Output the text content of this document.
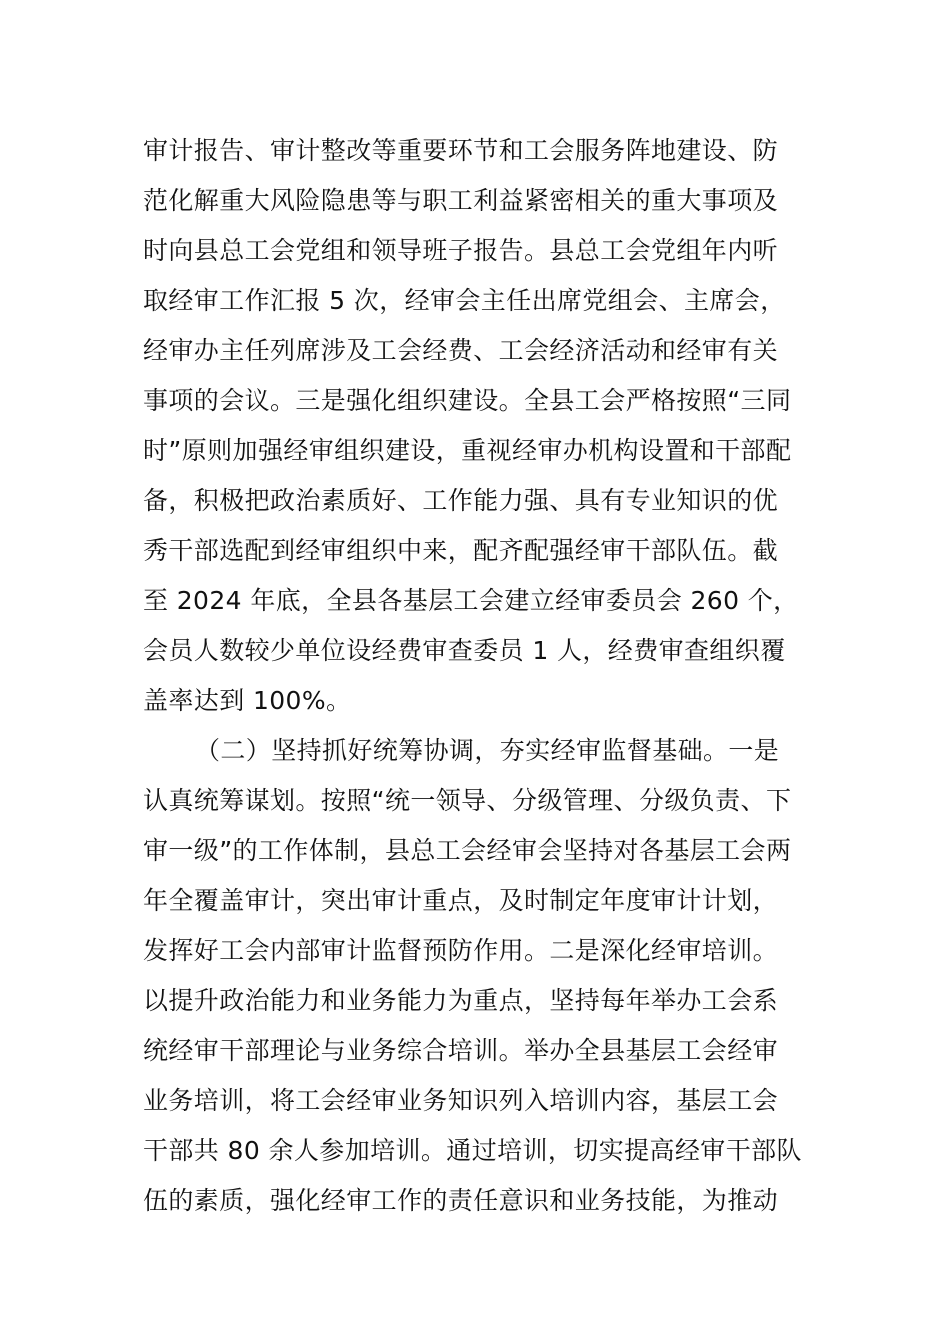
审计报告、审计整改等重要环节和工会服务阵地建设、防
范化解重大风险隐患等与职工利益紧密相关的重大事项及
时向县总工会党组和领导班子报告。县总工会党组年内听
取经审工作汇报 5 次，经审会主任出席党组会、主席会，
经审办主任列席涉及工会经费、工会经济活动和经审有关
事项的会议。三是强化组织建设。全县工会严格按照“三同
时”原则加强经审组织建设，重视经审办机构设置和干部配
备，积极把政治素质好、工作能力强、具有专业知识的优
秀干部选配到经审组织中来，配齐配强经审干部队伍。截
至 2024 年底，全县各基层工会建立经审委员会 260 个，
会员人数较少单位设经费审查委员 1 人，经费审查组织覆
盖率达到 100%。
（二）坚持抓好统筹协调，夯实经审监督基础。一是
认真统筹谋划。按照“统一领导、分级管理、分级负责、下
审一级”的工作体制，县总工会经审会坚持对各基层工会两
年全覆盖审计，突出审计重点，及时制定年度审计计划，
发挥好工会内部审计监督预防作用。二是深化经审培训。
以提升政治能力和业务能力为重点，坚持每年举办工会系
统经审干部理论与业务综合培训。举办全县基层工会经审
业务培训，将工会经审业务知识列入培训内容，基层工会
干部共 80 余人参加培训。通过培训，切实提高经审干部队
伍的素质，强化经审工作的责任意识和业务技能，为推动
